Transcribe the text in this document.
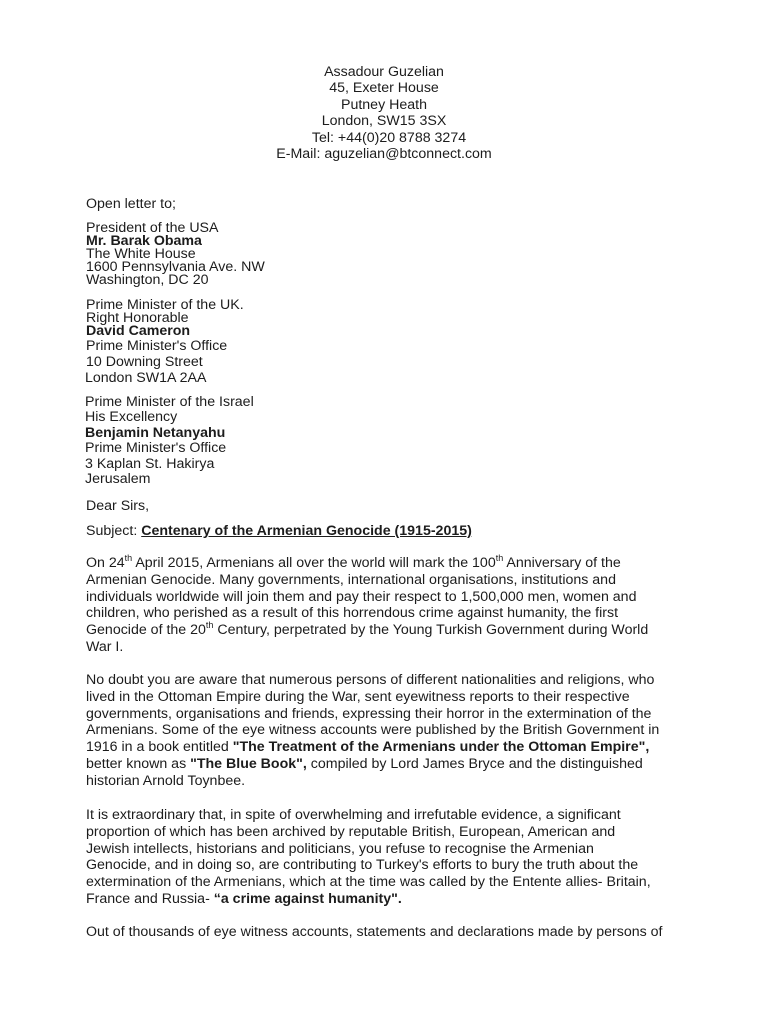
Assadour Guzelian
45, Exeter House
Putney Heath
London, SW15 3SX
Tel: +44(0)20 8788 3274
E-Mail: aguzelian@btconnect.com
Open letter to;
President of the USA
Mr. Barak Obama
The White House
1600 Pennsylvania Ave. NW
Washington, DC 20
Prime Minister of the UK.
Right Honorable
David Cameron
Prime Minister's Office
10 Downing Street
London SW1A 2AA
Prime Minister of the Israel
His Excellency
Benjamin Netanyahu
Prime Minister's Office
3 Kaplan St. Hakirya
Jerusalem
Dear Sirs,
Subject: Centenary of the Armenian Genocide (1915-2015)
On 24th April 2015, Armenians all over the world will mark the 100th Anniversary of the
Armenian Genocide. Many governments, international organisations, institutions and
individuals worldwide will join them and pay their respect to 1,500,000 men, women and
children, who perished as a result of this horrendous crime against humanity, the first
Genocide of the 20th Century, perpetrated by the Young Turkish Government during World
War I.
No doubt you are aware that numerous persons of different nationalities and religions, who
lived in the Ottoman Empire during the War, sent eyewitness reports to their respective
governments, organisations and friends, expressing their horror in the extermination of the
Armenians. Some of the eye witness accounts were published by the British Government in
1916 in a book entitled "The Treatment of the Armenians under the Ottoman Empire",
better known as "The Blue Book", compiled by Lord James Bryce and the distinguished
historian Arnold Toynbee.
It is extraordinary that, in spite of overwhelming and irrefutable evidence, a significant
proportion of which has been archived by reputable British, European, American and
Jewish intellects, historians and politicians, you refuse to recognise the Armenian
Genocide, and in doing so, are contributing to Turkey's efforts to bury the truth about the
extermination of the Armenians, which at the time was called by the Entente allies- Britain,
France and Russia- “a crime against humanity".
Out of thousands of eye witness accounts, statements and declarations made by persons of
